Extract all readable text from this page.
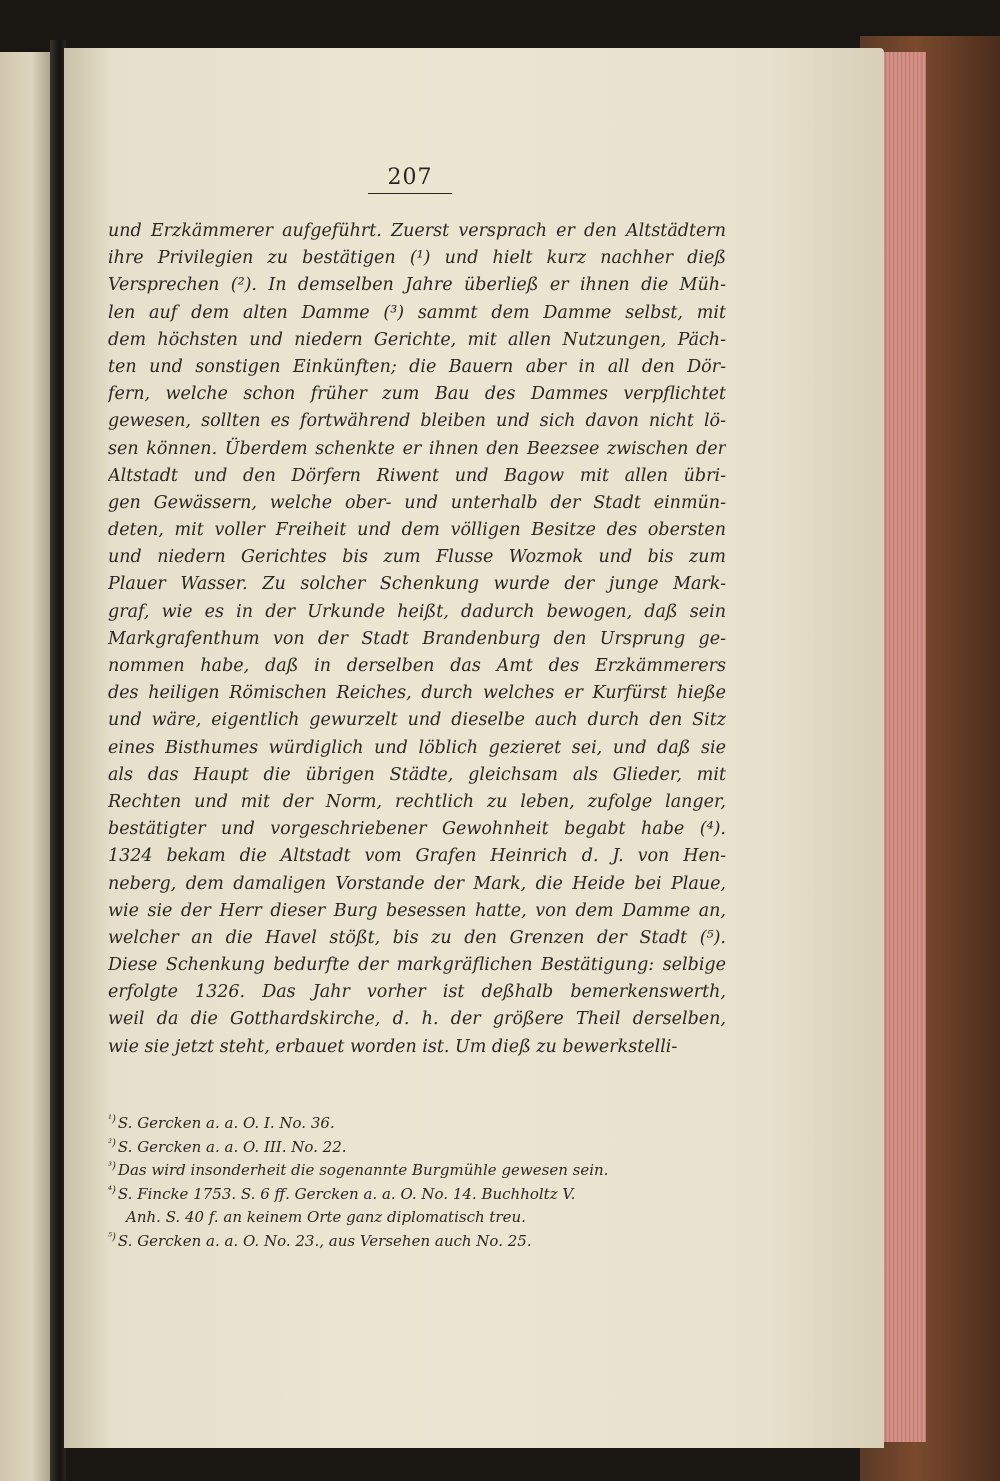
207
und Erzkämmerer aufgeführt. Zuerst versprach er den Altstädtern
ihre Privilegien zu bestätigen (¹) und hielt kurz nachher dieß
Versprechen (²). In demselben Jahre überließ er ihnen die Müh-
len auf dem alten Damme (³) sammt dem Damme selbst, mit
dem höchsten und niedern Gerichte, mit allen Nutzungen, Päch-
ten und sonstigen Einkünften; die Bauern aber in all den Dör-
fern, welche schon früher zum Bau des Dammes verpflichtet
gewesen, sollten es fortwährend bleiben und sich davon nicht lö-
sen können. Überdem schenkte er ihnen den Beezsee zwischen der
Altstadt und den Dörfern Riwent und Bagow mit allen übri-
gen Gewässern, welche ober- und unterhalb der Stadt einmün-
deten, mit voller Freiheit und dem völligen Besitze des obersten
und niedern Gerichtes bis zum Flusse Wozmok und bis zum
Plauer Wasser. Zu solcher Schenkung wurde der junge Mark-
graf, wie es in der Urkunde heißt, dadurch bewogen, daß sein
Markgrafenthum von der Stadt Brandenburg den Ursprung ge-
nommen habe, daß in derselben das Amt des Erzkämmerers
des heiligen Römischen Reiches, durch welches er Kurfürst hieße
und wäre, eigentlich gewurzelt und dieselbe auch durch den Sitz
eines Bisthumes würdiglich und löblich gezieret sei, und daß sie
als das Haupt die übrigen Städte, gleichsam als Glieder, mit
Rechten und mit der Norm, rechtlich zu leben, zufolge langer,
bestätigter und vorgeschriebener Gewohnheit begabt habe (⁴).
1324 bekam die Altstadt vom Grafen Heinrich d. J. von Hen-
neberg, dem damaligen Vorstande der Mark, die Heide bei Plaue,
wie sie der Herr dieser Burg besessen hatte, von dem Damme an,
welcher an die Havel stößt, bis zu den Grenzen der Stadt (⁵).
Diese Schenkung bedurfte der markgräflichen Bestätigung: selbige
erfolgte 1326. Das Jahr vorher ist deßhalb bemerkenswerth,
weil da die Gotthardskirche, d. h. der größere Theil derselben,
wie sie jetzt steht, erbauet worden ist. Um dieß zu bewerkstelli-
$^{^1)}$ S. Gercken a. a. O. I. No. 36.
$^{^2)}$ S. Gercken a. a. O. III. No. 22.
$^{^3)}$ Das wird insonderheit die sogenannte Burgmühle gewesen sein.
$^{^4)}$ S. Fincke 1753. S. 6 ff. Gercken a. a. O. No. 14. Buchholtz V.
Anh. S. 40 f. an keinem Orte ganz diplomatisch treu.
$^{^5)}$ S. Gercken a. a. O. No. 23., aus Versehen auch No. 25.
